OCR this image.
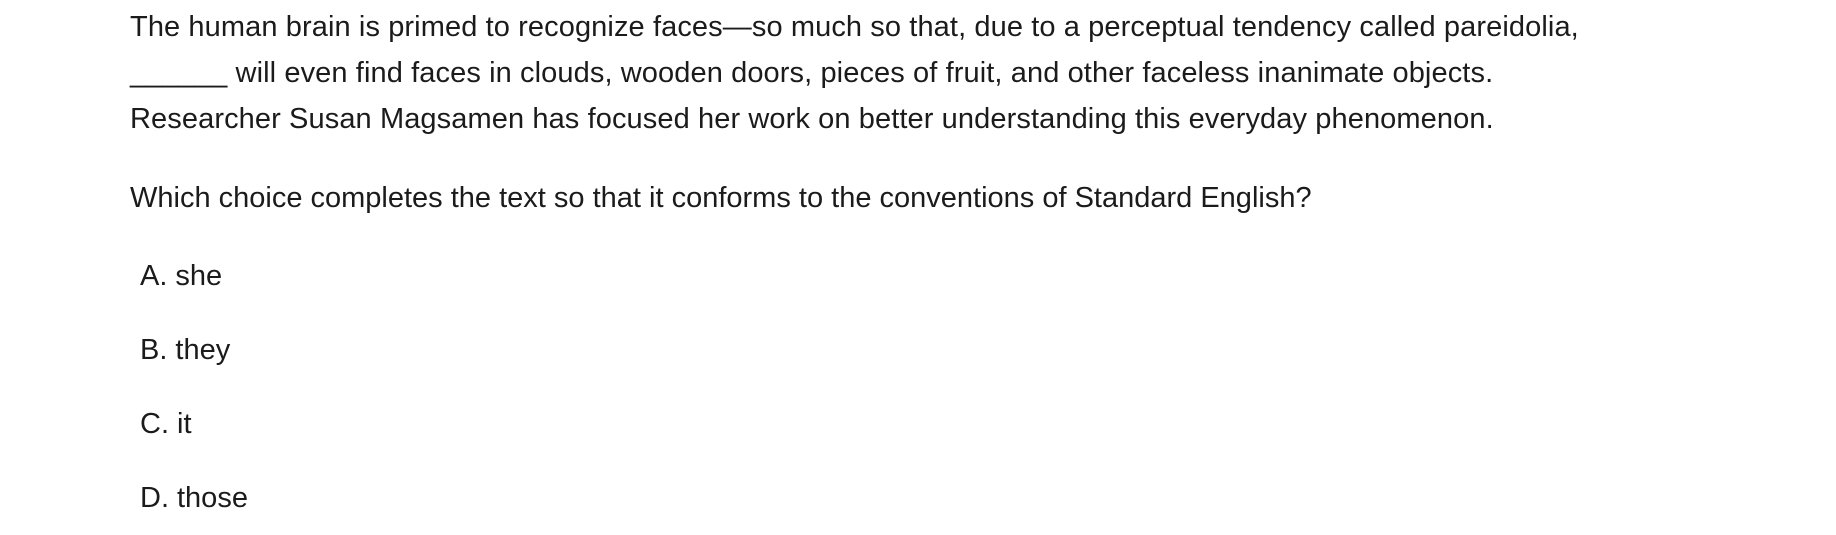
The human brain is primed to recognize faces—so much so that, due to a perceptual tendency called pareidolia,
______ will even find faces in clouds, wooden doors, pieces of fruit, and other faceless inanimate objects.
Researcher Susan Magsamen has focused her work on better understanding this everyday phenomenon.

Which choice completes the text so that it conforms to the conventions of Standard English?

A. she
B. they
C. it
D. those
